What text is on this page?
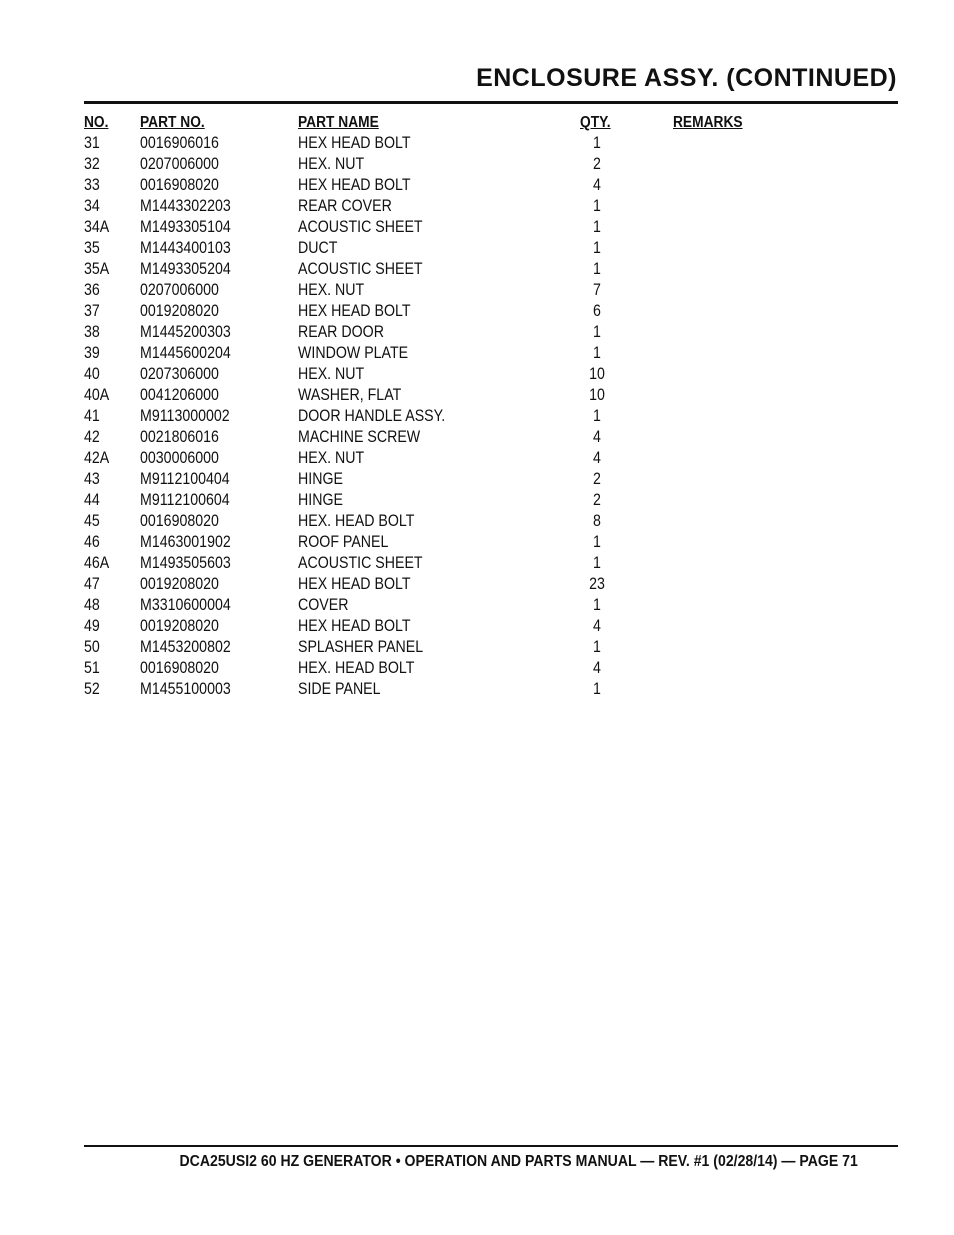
ENCLOSURE ASSY. (CONTINUED)
NO. PART NO.	PART NAME	QTY.	REMARKS
31 0016906016	HEX HEAD BOLT	1
32 0207006000	HEX. NUT	2
33 0016908020	HEX HEAD BOLT	4
34 M1443302203	REAR COVER	1
34A M1493305104	ACOUSTIC SHEET	1
35 M1443400103	DUCT	1
35A M1493305204	ACOUSTIC SHEET	1
36 0207006000	HEX. NUT	7
37 0019208020	HEX HEAD BOLT	6
38 M1445200303	REAR DOOR	1
39 M1445600204	WINDOW PLATE	1
40 0207306000	HEX. NUT	10
40A 0041206000	WASHER, FLAT	10
41 M9113000002	DOOR HANDLE ASSY.	1
42 0021806016	MACHINE SCREW	4
42A 0030006000	HEX. NUT	4
43 M9112100404	HINGE	2
44 M9112100604	HINGE	2
45 0016908020	HEX. HEAD BOLT	8
46 M1463001902	ROOF PANEL	1
46A M1493505603	ACOUSTIC SHEET	1
47 0019208020	HEX HEAD BOLT	23
48 M3310600004	COVER	1
49 0019208020	HEX HEAD BOLT	4
50 M1453200802	SPLASHER PANEL	1
51 0016908020	HEX. HEAD BOLT	4
52 M1455100003	SIDE PANEL	1
DCA25USI2 60 HZ GENERATOR • OPERATION AND PARTS MANUAL — REV. #1 (02/28/14) — PAGE 71
